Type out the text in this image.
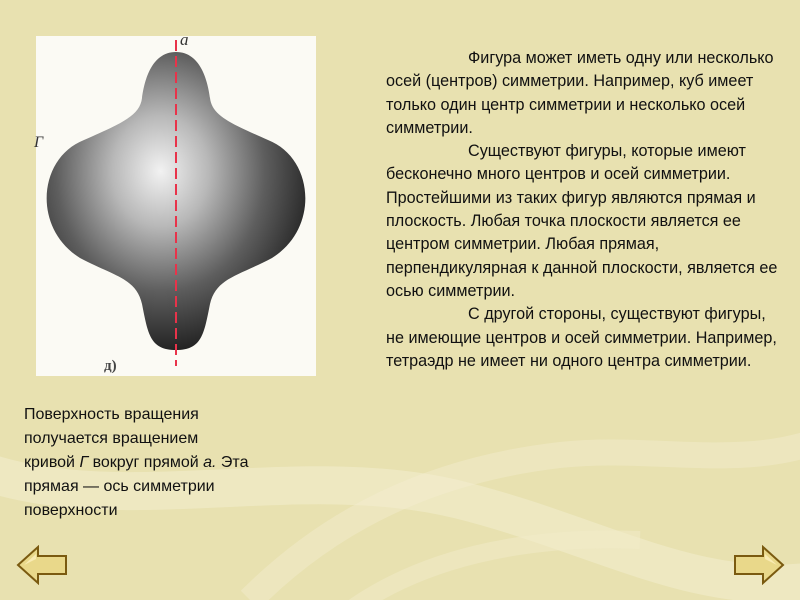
a
Г
д)
Поверхность вращения
получается вращением
кривой Г вокруг прямой а. Эта
прямая — ось симметрии
поверхности

Фигура может иметь одну или несколько осей (центров) симметрии. Например, куб имеет только один центр симметрии и несколько осей симметрии.

Существуют фигуры, которые имеют бесконечно много центров и осей симметрии. Простейшими из таких фигур являются прямая и плоскость. Любая точка плоскости является ее центром симметрии. Любая прямая, перпендикулярная к данной плоскости, является ее осью симметрии.

С другой стороны, существуют фигуры, не имеющие центров и осей симметрии. Например, тетраэдр не имеет ни одного центра симметрии.
